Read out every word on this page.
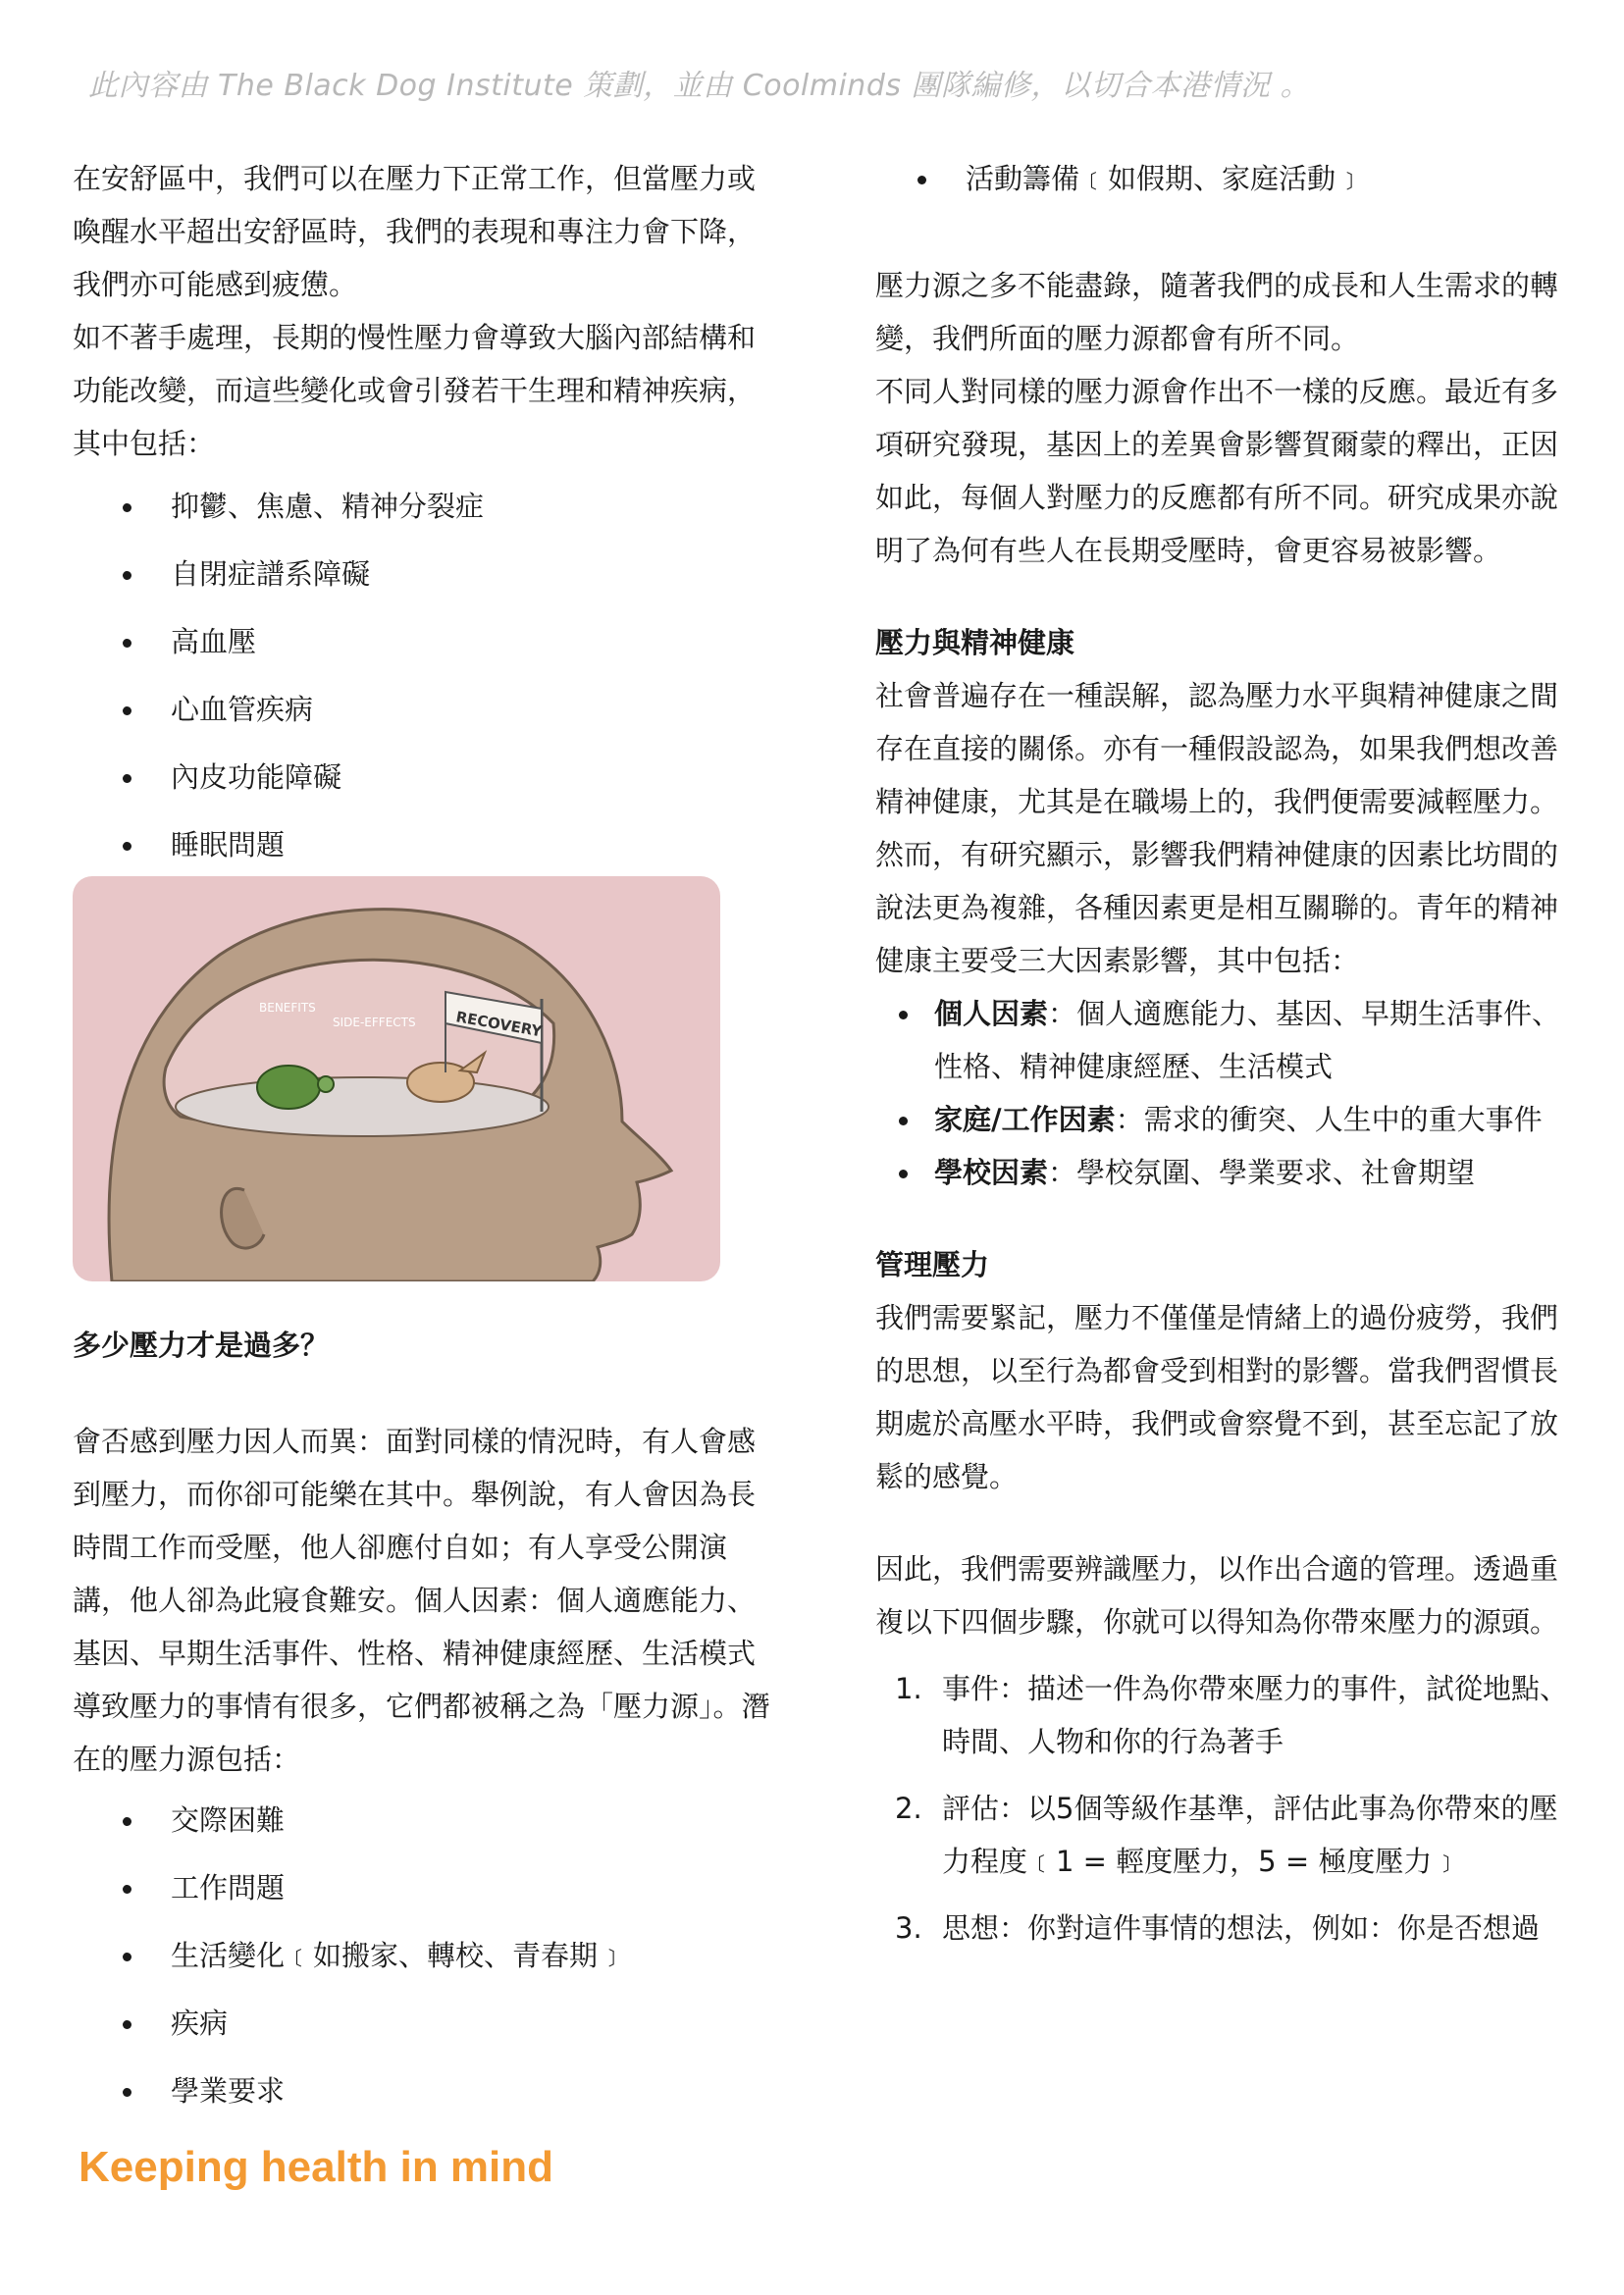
此內容由 The Black Dog Institute 策劃，並由 Coolminds 團隊編修，以切合本港情況 。

在安舒區中，我們可以在壓力下正常工作，但當壓力或喚醒水平超出安舒區時，我們的表現和專注力會下降，我們亦可能感到疲憊。

如不著手處理，長期的慢性壓力會導致大腦內部結構和功能改變，而這些變化或會引發若干生理和精神疾病，其中包括：

抑鬱、焦慮、精神分裂症
自閉症譜系障礙
高血壓
心血管疾病
內皮功能障礙
睡眠問題
RECOVERY
BENEFITS
SIDE-EFFECTS

多少壓力才是過多？

會否感到壓力因人而異：面對同樣的情況時，有人會感到壓力，而你卻可能樂在其中。舉例說，有人會因為長時間工作而受壓，他人卻應付自如；有人享受公開演講，他人卻為此寢食難安。個人因素：個人適應能力、基因、早期生活事件、性格、精神健康經歷、生活模式導致壓力的事情有很多，它們都被稱之為「壓力源」。潛在的壓力源包括：

交際困難
工作問題
生活變化﹝如搬家、轉校、青春期﹞
疾病
學業要求
活動籌備﹝如假期、家庭活動﹞

壓力源之多不能盡錄，隨著我們的成長和人生需求的轉變，我們所面的壓力源都會有所不同。

不同人對同樣的壓力源會作出不一樣的反應。最近有多項研究發現，基因上的差異會影響賀爾蒙的釋出，正因如此，每個人對壓力的反應都有所不同。研究成果亦說明了為何有些人在長期受壓時，會更容易被影響。

壓力與精神健康

社會普遍存在一種誤解，認為壓力水平與精神健康之間存在直接的關係。亦有一種假設認為，如果我們想改善精神健康，尤其是在職場上的，我們便需要減輕壓力。然而，有研究顯示，影響我們精神健康的因素比坊間的說法更為複雜，各種因素更是相互關聯的。青年的精神健康主要受三大因素影響，其中包括：

個人因素：個人適應能力、基因、早期生活事件、性格、精神健康經歷、生活模式
家庭/工作因素：需求的衝突、人生中的重大事件
學校因素：學校氛圍、學業要求、社會期望

管理壓力

我們需要緊記，壓力不僅僅是情緒上的過份疲勞，我們的思想，以至行為都會受到相對的影響。當我們習慣長期處於高壓水平時，我們或會察覺不到，甚至忘記了放鬆的感覺。

因此，我們需要辨識壓力，以作出合適的管理。透過重複以下四個步驟，你就可以得知為你帶來壓力的源頭。

1. 事件：描述一件為你帶來壓力的事件，試從地點、時間、人物和你的行為著手
2. 評估：以5個等級作基準，評估此事為你帶來的壓力程度﹝1 = 輕度壓力，5 = 極度壓力﹞
3. 思想：你對這件事情的想法，例如：你是否想過
Keeping health in mind
